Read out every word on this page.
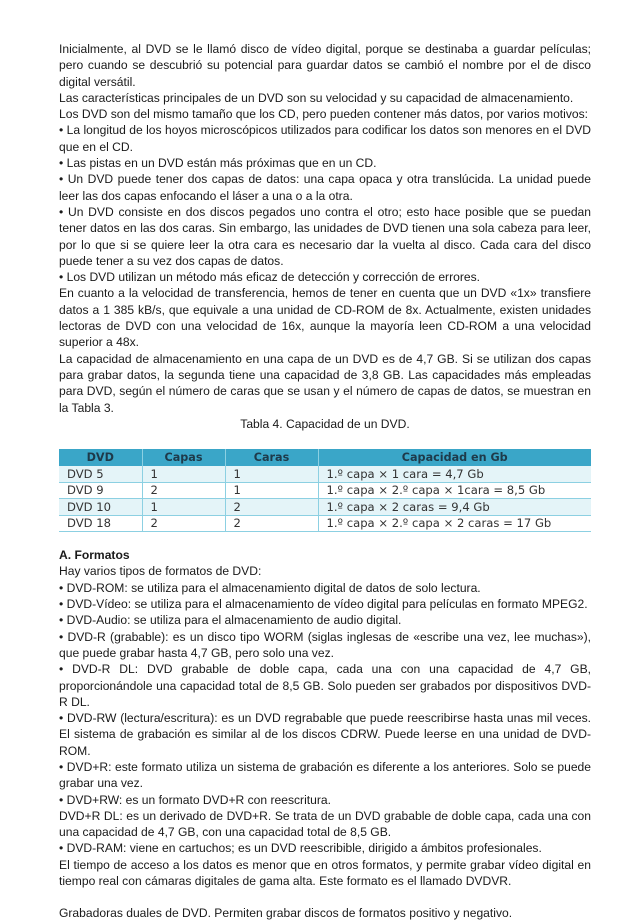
Inicialmente, al DVD se le llamó disco de vídeo digital, porque se destinaba a guardar películas; pero cuando se descubrió su potencial para guardar datos se cambió el nombre por el de disco digital versátil.

Las características principales de un DVD son su velocidad y su capacidad de almacenamiento.

Los DVD son del mismo tamaño que los CD, pero pueden contener más datos, por varios motivos:

• La longitud de los hoyos microscópicos utilizados para codificar los datos son menores en el DVD que en el CD.

• Las pistas en un DVD están más próximas que en un CD.

• Un DVD puede tener dos capas de datos: una capa opaca y otra translúcida. La unidad puede leer las dos capas enfocando el láser a una o a la otra.

• Un DVD consiste en dos discos pegados uno contra el otro; esto hace posible que se puedan tener datos en las dos caras. Sin embargo, las unidades de DVD tienen una sola cabeza para leer, por lo que si se quiere leer la otra cara es necesario dar la vuelta al disco. Cada cara del disco puede tener a su vez dos capas de datos.

• Los DVD utilizan un método más eficaz de detección y corrección de errores.

En cuanto a la velocidad de transferencia, hemos de tener en cuenta que un DVD «1x» transfiere datos a 1 385 kB/s, que equivale a una unidad de CD-ROM de 8x. Actualmente, existen unidades lectoras de DVD con una velocidad de 16x, aunque la mayoría leen CD-ROM a una velocidad superior a 48x.

La capacidad de almacenamiento en una capa de un DVD es de 4,7 GB. Si se utilizan dos capas para grabar datos, la segunda tiene una capacidad de 3,8 GB. Las capacidades más empleadas para DVD, según el número de caras que se usan y el número de capas de datos, se muestran en la Tabla 3.

Tabla 4. Capacidad de un DVD.

DVD	Capas	Caras	Capacidad en Gb
DVD 5	1	1	1.º capa × 1 cara = 4,7 Gb
DVD 9	2	1	1.º capa × 2.º capa × 1cara = 8,5 Gb
DVD 10	1	2	1.º capa × 2 caras = 9,4 Gb
DVD 18	2	2	1.º capa × 2.º capa × 2 caras = 17 Gb

A. Formatos

Hay varios tipos de formatos de DVD:

• DVD-ROM: se utiliza para el almacenamiento digital de datos de solo lectura.

• DVD-Vídeo: se utiliza para el almacenamiento de vídeo digital para películas en formato MPEG2.

• DVD-Audio: se utiliza para el almacenamiento de audio digital.

• DVD-R (grabable): es un disco tipo WORM (siglas inglesas de «escribe una vez, lee muchas»), que puede grabar hasta 4,7 GB, pero solo una vez.

• DVD-R DL: DVD grabable de doble capa, cada una con una capacidad de 4,7 GB, proporcionándole una capacidad total de 8,5 GB. Solo pueden ser grabados por dispositivos DVD-R DL.

• DVD-RW (lectura/escritura): es un DVD regrabable que puede reescribirse hasta unas mil veces. El sistema de grabación es similar al de los discos CDRW. Puede leerse en una unidad de DVD-ROM.

• DVD+R: este formato utiliza un sistema de grabación es diferente a los anteriores. Solo se puede grabar una vez.

• DVD+RW: es un formato DVD+R con reescritura.

DVD+R DL: es un derivado de DVD+R. Se trata de un DVD grabable de doble capa, cada una con una capacidad de 4,7 GB, con una capacidad total de 8,5 GB.

• DVD-RAM: viene en cartuchos; es un DVD reescribible, dirigido a ámbitos profesionales.

El tiempo de acceso a los datos es menor que en otros formatos, y permite grabar vídeo digital en tiempo real con cámaras digitales de gama alta. Este formato es el llamado DVDVR.

Grabadoras duales de DVD. Permiten grabar discos de formatos positivo y negativo.
